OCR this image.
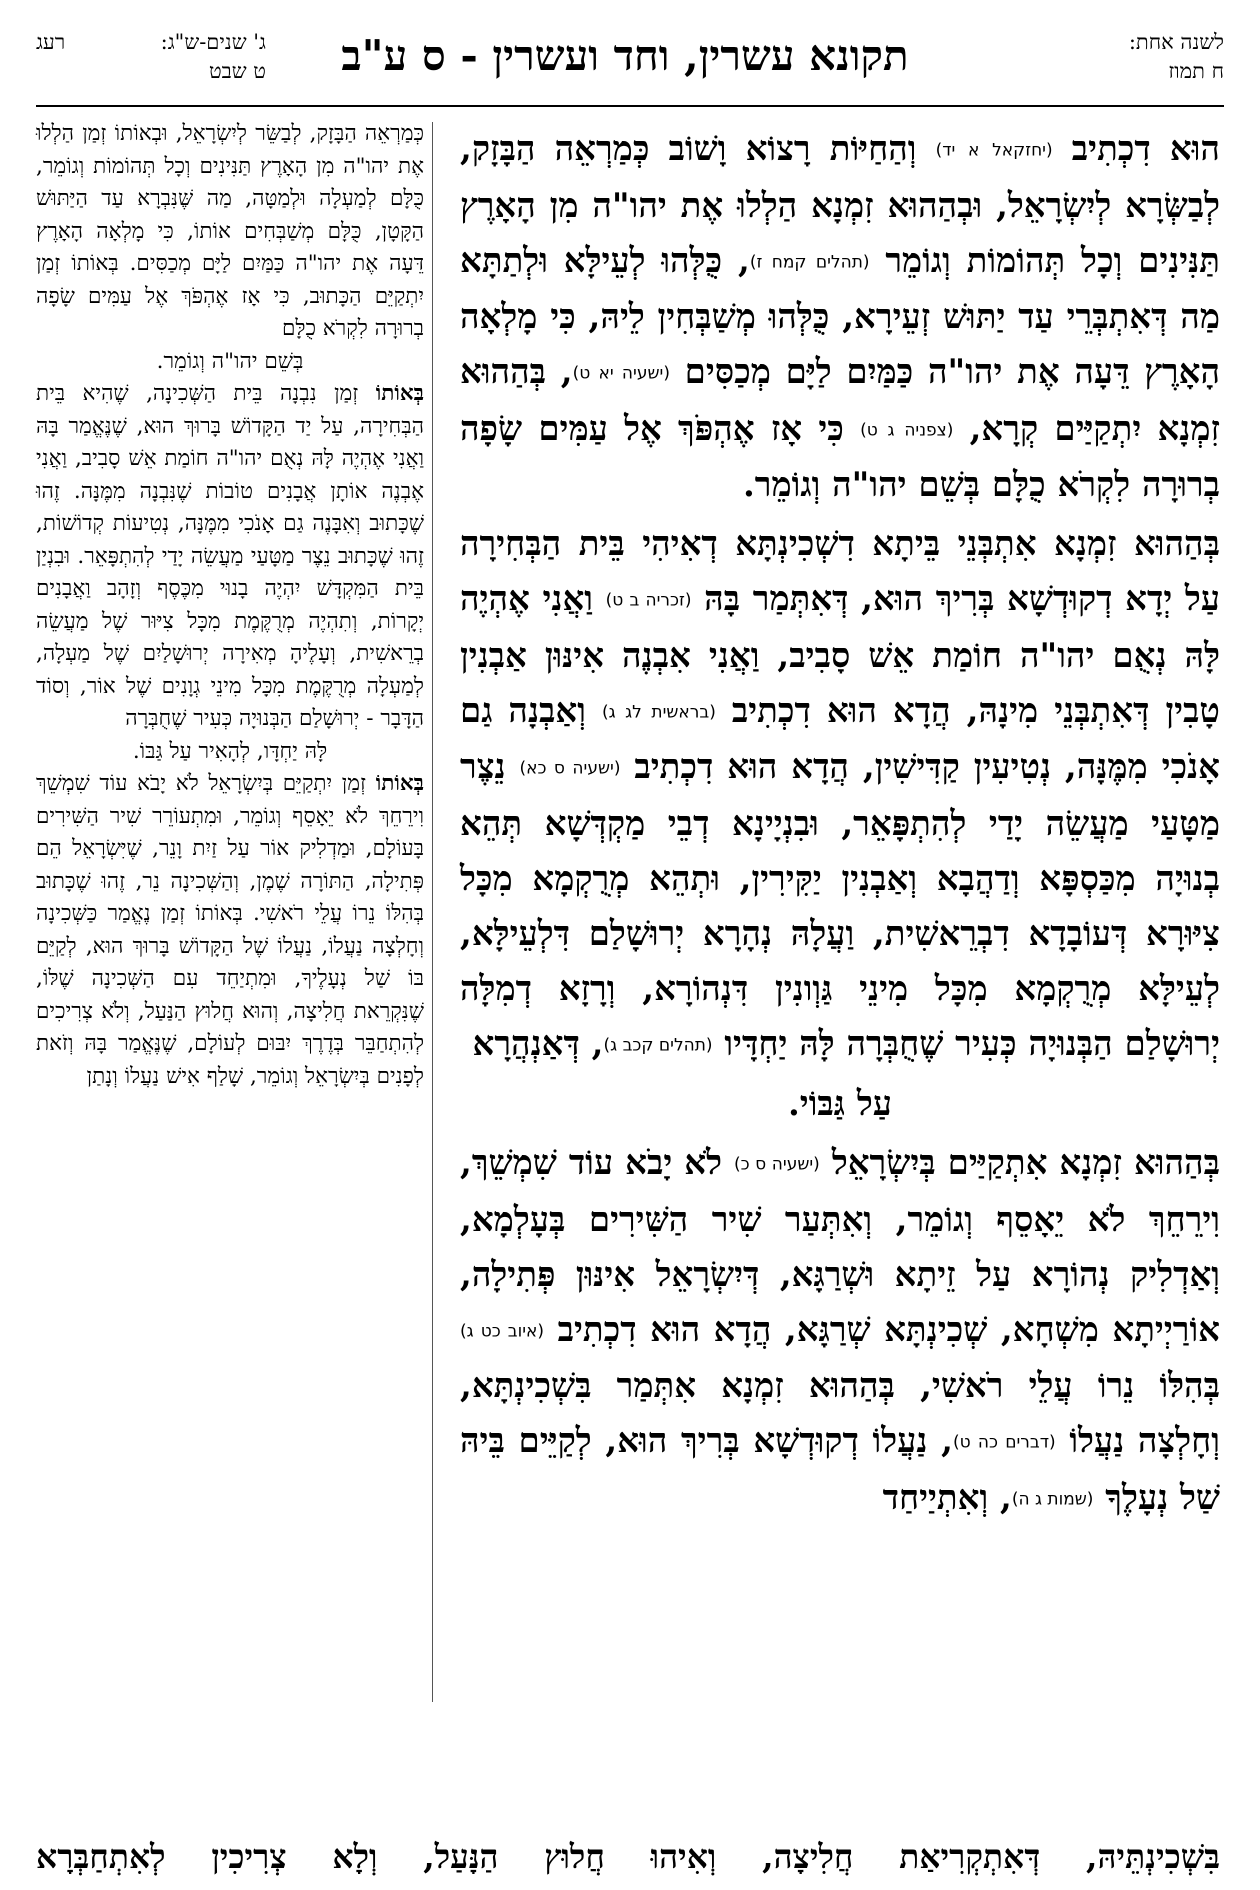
לשנה אחת:
ח תמוז
תקונא עשרין, וחד ועשרין - ס ע"ב
ג' שנים-ש"ג:
ט שבט
רעג

הוּא דִכְתִיב (יחזקאל א יד) וְהַחַיּוֹת רָצוֹא וָשׁוֹב כְּמַרְאֵה הַבָּזָק, לְבַשְּׂרָא לְיִשְׂרָאֵל, וּבְהַהוּא זִמְנָא הַלְלוּ אֶת יהו"ה מִן הָאָרֶץ תַּנִּינִים וְכָל תְּהוֹמוֹת וְגוֹמֵר (תהלים קמח ז), כֻּלְּהוּ לְעֵילָּא וּלְתַתָּא מַה דְּאִתְבְּרֵי עַד יַתּוּשׁ זְעֵירָא, כֻּלְּהוּ מְשַׁבְּחִין לֵיהּ, כִּי מָלְאָה הָאָרֶץ דֵּעָה אֶת יהו"ה כַּמַּיִם לַיָּם מְכַסִּים (ישעיה יא ט), בְּהַהוּא זִמְנָא יִתְקַיַּים קְרָא, (צפניה ג ט) כִּי אָז אֶהְפֹּךְ אֶל עַמִּים שָׂפָה בְרוּרָה לִקְרֹא כֻלָּם בְּשֵׁם יהו"ה וְגוֹמֵר.

בְּהַהוּא זִמְנָא אִתְבְּנֵי בֵּיתָא דִשְׁכִינְתָּא דְאִיהִי בֵּית הַבְּחִירָה עַל יְדָא דְקוּדְשָׁא בְּרִיךְ הוּא, דְּאִתְּמַר בָּהּ (זכריה ב ט) וַאֲנִי אֶהְיֶה לָּהּ נְאֻם יהו"ה חוֹמַת אֵשׁ סָבִיב, וַאֲנִי אִבְנֶה אִינּוּן אַבְנִין טָבִין דְּאִתְבְּנֵי מִינָהּ, הֲדָא הוּא דִכְתִיב (בראשית לג ג) וְאַבְנָה גַם אָנֹכִי מִמֶּנָּה, נְטִיעִין קַדִּישִׁין, הֲדָא הוּא דִכְתִיב (ישעיה ס כא) נֵצֶר מַטָּעַי מַעֲשֵׂה יָדַי לְהִתְפָּאֵר, וּבִנְיָינָא דְבֵי מַקְדְּשָׁא תְּהֵא בְנוּיָה מִכַּסְפָּא וְדַהֲבָא וְאַבְנִין יַקִּירִין, וּתְהֵא מְרֻקְמָא מִכָּל צִיּוּרָא דְּעוֹבָדָא דִבְרֵאשִׁית, וַעֲלָהּ נְהָרָא יְרוּשָׁלַם דִּלְעֵילָּא, לְעֵילָּא מְרֻקְמָא מִכָּל מִינֵי גַּוְונִין דִּנְהוֹרָא, וְרָזָא דְמִלָּה יְרוּשָׁלַם הַבְּנוּיָה כְּעִיר שֶׁחֻבְּרָה לָּהּ יַחְדָּיו (תהלים קכב ג), דְּאַנְהֲרָא

עַל גַּבּוֹי.

בְּהַהוּא זִמְנָא אִתְקַיַּים בְּיִשְׂרָאֵל (ישעיה ס כ) לֹא יָבֹא עוֹד שִׁמְשֵׁךְ, וִירֵחֵךְ לֹא יֵאָסֵף וְגוֹמֵר, וְאִתְּעַר שִׁיר הַשִּׁירִים בְּעָלְמָא, וְאַדְלִיק נְהוֹרָא עַל זֵיתָא וּשְׁרַגָּא, דְּיִשְׂרָאֵל אִינּוּן פְּתִילָה, אוֹרַיְיתָא מִשְׁחָא, שְׁכִינְתָּא שְׁרַגָּא, הֲדָא הוּא דִכְתִיב (איוב כט ג) בְּהִלּוֹ נֵרוֹ עֲלֵי רֹאשִׁי, בְּהַהוּא זִמְנָא אִתְּמַר בִּשְׁכִינְתָּא, וְחָלְצָה נַעֲלוֹ (דברים כה ט), נַעֲלוֹ דְקוּדְשָׁא בְּרִיךְ הוּא, לְקַיֵּים בֵּיהּ שַׁל נְעָלֶךָ (שמות ג ה), וְאִתְיַיחַד

כְּמַרְאֵה הַבָּזָק, לְבַשֵּׂר לְיִשְׂרָאֵל, וּבְאוֹתוֹ זְמַן הַלְלוּ אֶת יהו"ה מִן הָאָרֶץ תַּנִּינִים וְכָל תְּהוֹמוֹת וְגוֹמֵר, כֻּלָּם לְמַעְלָה וּלְמַטָּה, מַה שֶּׁנִּבְרָא עַד הַיַּתּוּשׁ הַקָּטָן, כֻּלָּם מְשַׁבְּחִים אוֹתוֹ, כִּי מָלְאָה הָאָרֶץ דֵּעָה אֶת יהו"ה כַּמַּיִם לַיָּם מְכַסִּים. בְּאוֹתוֹ זְמַן יִתְקַיֵּם הַכָּתוּב, כִּי אָז אֶהְפֹּךְ אֶל עַמִּים שָׂפָה בְרוּרָה לִקְרֹא כֻלָּם

בְּשֵׁם יהו"ה וְגוֹמֵר.

בְּאוֹתוֹ זְמַן נִבְנָה בֵּית הַשְּׁכִינָה, שֶׁהִיא בֵּית הַבְּחִירָה, עַל יַד הַקָּדוֹשׁ בָּרוּךְ הוּא, שֶׁנֶּאֱמַר בָּהּ וַאֲנִי אֶהְיֶה לָּהּ נְאֻם יהו"ה חוֹמַת אֵשׁ סָבִיב, וַאֲנִי אֶבְנֶה אוֹתָן אֲבָנִים טוֹבוֹת שֶׁנִּבְנָה מִמֶּנָּה. זֶהוּ שֶׁכָּתוּב וְאִבָּנֶה גַם אָנֹכִי מִמֶּנָּה, נְטִיעוֹת קְדוֹשׁוֹת, זֶהוּ שֶׁכָּתוּב נֵצֶר מַטָּעַי מַעֲשֵׂה יָדַי לְהִתְפָּאֵר. וּבִנְיַן בֵּית הַמִּקְדָּשׁ יִהְיֶה בָנוּי מִכֶּסֶף וְזָהָב וַאֲבָנִים יְקָרוֹת, וְתִהְיֶה מְרֻקֶּמֶת מִכָּל צִיּוּר שֶׁל מַעֲשֵׂה בְרֵאשִׁית, וְעָלֶיהָ מְאִירָה יְרוּשָׁלַיִם שֶׁל מַעְלָה, לְמַעְלָה מְרֻקֶּמֶת מִכָּל מִינֵי גְוָנִים שֶׁל אוֹר, וְסוֹד הַדָּבָר - יְרוּשָׁלַם הַבְּנוּיָה כְּעִיר שֶׁחֻבְּרָה

לָּהּ יַחְדָּו, לְהָאִיר עַל גַּבּוֹ.

בְּאוֹתוֹ זְמַן יִתְקַיֵּם בְּיִשְׂרָאֵל לֹא יָבֹא עוֹד שִׁמְשֵׁךְ וִירֵחֵךְ לֹא יֵאָסֵף וְגוֹמֵר, וּמִתְעוֹרֵר שִׁיר הַשִּׁירִים בָּעוֹלָם, וּמַדְלִיק אוֹר עַל זַיִת וָנֵר, שֶׁיִּשְׂרָאֵל הֵם פְּתִילָה, הַתּוֹרָה שֶׁמֶן, וְהַשְּׁכִינָה נֵר, זֶהוּ שֶׁכָּתוּב בְּהִלּוֹ נֵרוֹ עֲלֵי רֹאשִׁי. בְּאוֹתוֹ זְמַן נֶאֱמַר כַּשְּׁכִינָה וְחָלְצָה נַעֲלוֹ, נַעֲלוֹ שֶׁל הַקָּדוֹשׁ בָּרוּךְ הוּא, לְקַיֵּם בּוֹ שַׁל נְעָלֶיךָ, וּמִתְיַחֵד עִם הַשְּׁכִינָה שֶׁלּוֹ, שֶׁנִּקְרֵאת חֲלִיצָה, וְהוּא חֲלוּץ הַנַּעַל, וְלֹא צְרִיכִים לְהִתְחַבֵּר בְּדֶרֶךְ יִבּוּם לְעוֹלָם, שֶׁנֶּאֱמַר בָּהּ וְזֹאת לְפָנִים בְּיִשְׂרָאֵל וְגוֹמֵר, שָׁלַף אִישׁ נַעֲלוֹ וְנָתַן

בִּשְׁכִינְתֵּיהּ, דְּאִתְקְרִיאַת חֲלִיצָה, וְאִיהוּ חֲלוּץ הַנָּעַל, וְלָא צְרִיכִין לְאִתְחַבְּרָא
